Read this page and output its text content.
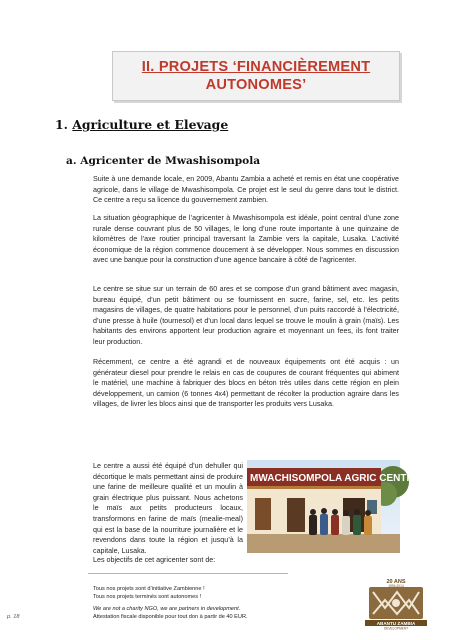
II. PROJETS ‘FINANCIÈREMENT
AUTONOMES’
1. Agriculture et Elevage
a. Agricenter de Mwashisompola

Suite à une demande locale, en 2009, Abantu Zambia a acheté et remis en état une coopérative agricole, dans le village de Mwashisompola. Ce projet est le seul du genre dans tout le district. Ce centre a reçu sa licence du gouvernement zambien.

La situation géographique de l’agricenter à Mwashisompola est idéale, point central d’une zone rurale dense couvrant plus de 50 villages, le long d’une route importante à une quinzaine de kilomètres de l’axe routier principal traversant la Zambie vers la capitale, Lusaka. L’activité économique de la région commence doucement à se développer. Nous sommes en discussion avec une banque pour la construction d’une agence bancaire à côté de l’agricenter.

Le centre se situe sur un terrain de 60 ares et se compose d’un grand bâtiment avec magasin, bureau équipé, d’un petit bâtiment ou se fournissent en sucre, farine, sel, etc. les petits magasins de villages, de quatre habitations pour le personnel, d’un puits raccordé à l’électricité, d’une presse à huile (tournesol) et d’un local dans lequel se trouve le moulin à grain (maïs). Les habitants des environs apportent leur production agraire et moyennant un fees, ils font traiter leur production.

Récemment, ce centre a été agrandi et de nouveaux équipements ont été acquis : un générateur diesel pour prendre le relais en cas de coupures de courant fréquentes qui abiment le matériel, une machine à fabriquer des blocs en béton très utiles dans cette région en plein développement, un camion (6 tonnes 4x4) permettant de récolter la production agraire dans les villages, de livrer les blocs ainsi que de transporter les produits vers Lusaka.

Le centre a aussi été équipé d’un dehuller qui décortique le maïs permettant ainsi de produire une farine de meilleure qualité et un moulin à grain électrique plus puissant. Nous achetons le maïs aux petits producteurs locaux, transformons en farine de maïs (mealie-meal) qui est la base de la nourriture journalière et le revendons dans toute la région et jusqu’à la capitale, Lusaka.

Les objectifs de cet agricenter sont de:

MWACHISOMPOLA AGRIC CENTRE

Tous nos projets sont d’initiative Zambienne !

Tous nos projets terminés sont autonomes !

We are not a charity NGO, we are partners in development.

Attestation fiscale disponible pour tout don à partir de 40 EUR.

p. 18
20 ANS
1994-2014
ABANTU ZAMBIA
DEVELOPMENT
